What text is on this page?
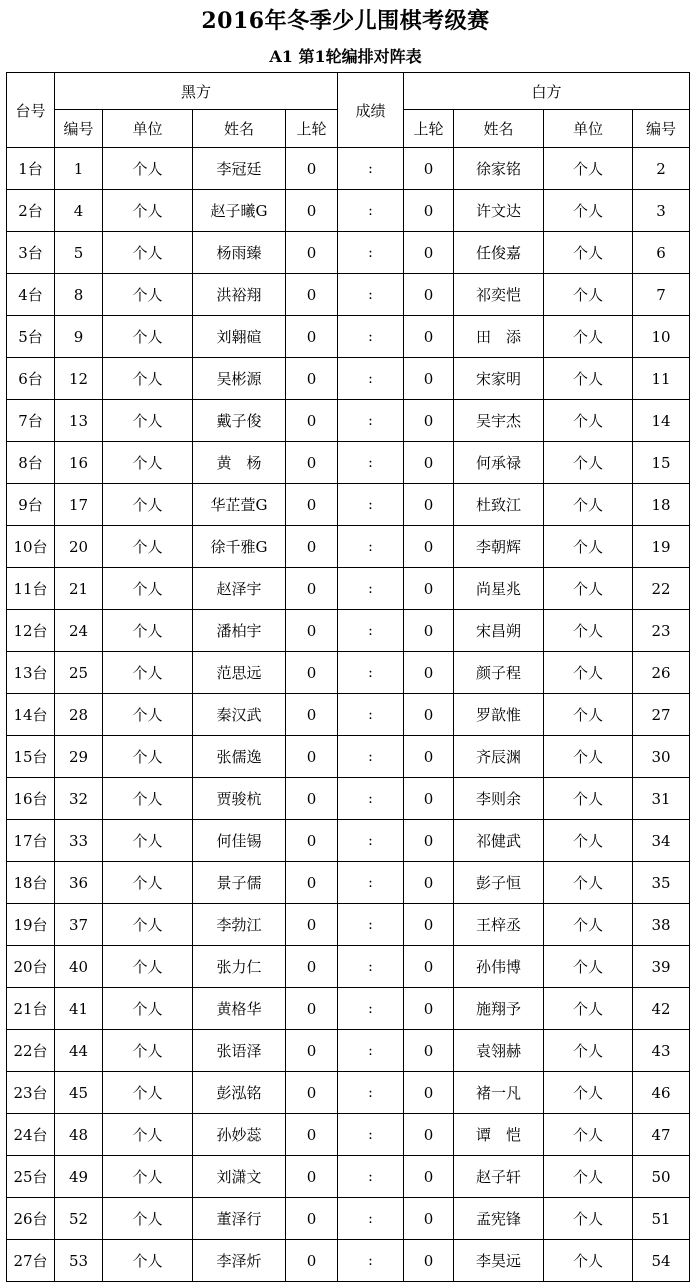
2016年冬季少儿围棋考级赛
A1 第1轮编排对阵表
台号	黑方				成绩	白方			
	编号	单位	姓名	上轮		上轮	姓名	单位	编号
1台	1	个人	李冠廷	0	:	0	徐家铭	个人	2
2台	4	个人	赵子曦G	0	:	0	许文达	个人	3
3台	5	个人	杨雨臻	0	:	0	任俊嘉	个人	6
4台	8	个人	洪裕翔	0	:	0	祁奕恺	个人	7
5台	9	个人	刘翱碹	0	:	0	田　添	个人	10
6台	12	个人	吴彬源	0	:	0	宋家明	个人	11
7台	13	个人	戴子俊	0	:	0	吴宇杰	个人	14
8台	16	个人	黄　杨	0	:	0	何承禄	个人	15
9台	17	个人	华芷萱G	0	:	0	杜致江	个人	18
10台	20	个人	徐千雅G	0	:	0	李朝辉	个人	19
11台	21	个人	赵泽宇	0	:	0	尚星兆	个人	22
12台	24	个人	潘柏宇	0	:	0	宋昌朔	个人	23
13台	25	个人	范思远	0	:	0	颜子程	个人	26
14台	28	个人	秦汉武	0	:	0	罗歆惟	个人	27
15台	29	个人	张儒逸	0	:	0	齐辰渊	个人	30
16台	32	个人	贾骏杭	0	:	0	李则余	个人	31
17台	33	个人	何佳锡	0	:	0	祁健武	个人	34
18台	36	个人	景子儒	0	:	0	彭子恒	个人	35
19台	37	个人	李勃江	0	:	0	王梓丞	个人	38
20台	40	个人	张力仁	0	:	0	孙伟博	个人	39
21台	41	个人	黄格华	0	:	0	施翔予	个人	42
22台	44	个人	张语泽	0	:	0	袁翎赫	个人	43
23台	45	个人	彭泓铭	0	:	0	褚一凡	个人	46
24台	48	个人	孙妙蕊	0	:	0	谭　恺	个人	47
25台	49	个人	刘潇文	0	:	0	赵子轩	个人	50
26台	52	个人	董泽行	0	:	0	孟宪锋	个人	51
27台	53	个人	李泽炘	0	:	0	李昊远	个人	54
